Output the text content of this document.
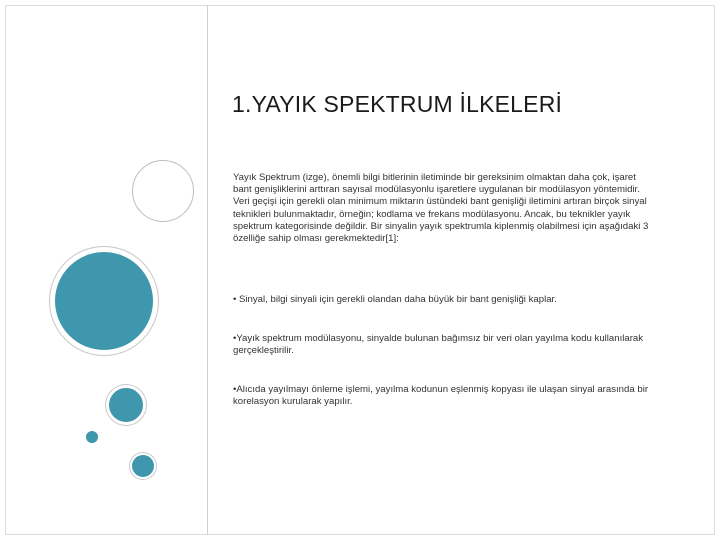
1.YAYIK SPEKTRUM İLKELERİ

Yayık Spektrum (izge), önemli bilgi bitlerinin iletiminde bir gereksinim olmaktan daha çok, işaret bant genişliklerini arttıran sayısal modülasyonlu işaretlere uygulanan bir modülasyon yöntemidir. Veri geçişi için gerekli olan minimum miktarın üstündeki bant genişliği iletimini artıran birçok sinyal teknikleri bulunmaktadır, örneğin; kodlama ve frekans modülasyonu. Ancak, bu teknikler yayık spektrum kategorisinde değildir. Bir sinyalin yayık spektrumla kiplenmiş olabilmesi için aşağıdaki 3 özelliğe sahip olması gerekmektedir[1]:

• Sinyal, bilgi sinyali için gerekli olandan daha büyük bir bant genişliği kaplar.

•Yayık spektrum modülasyonu, sinyalde bulunan bağımsız bir veri olan yayılma kodu kullanılarak gerçekleştirilir.

•Alıcıda yayılmayı önleme işlemi, yayılma kodunun eşlenmiş kopyası ile ulaşan sinyal arasında bir korelasyon kurularak yapılır.
